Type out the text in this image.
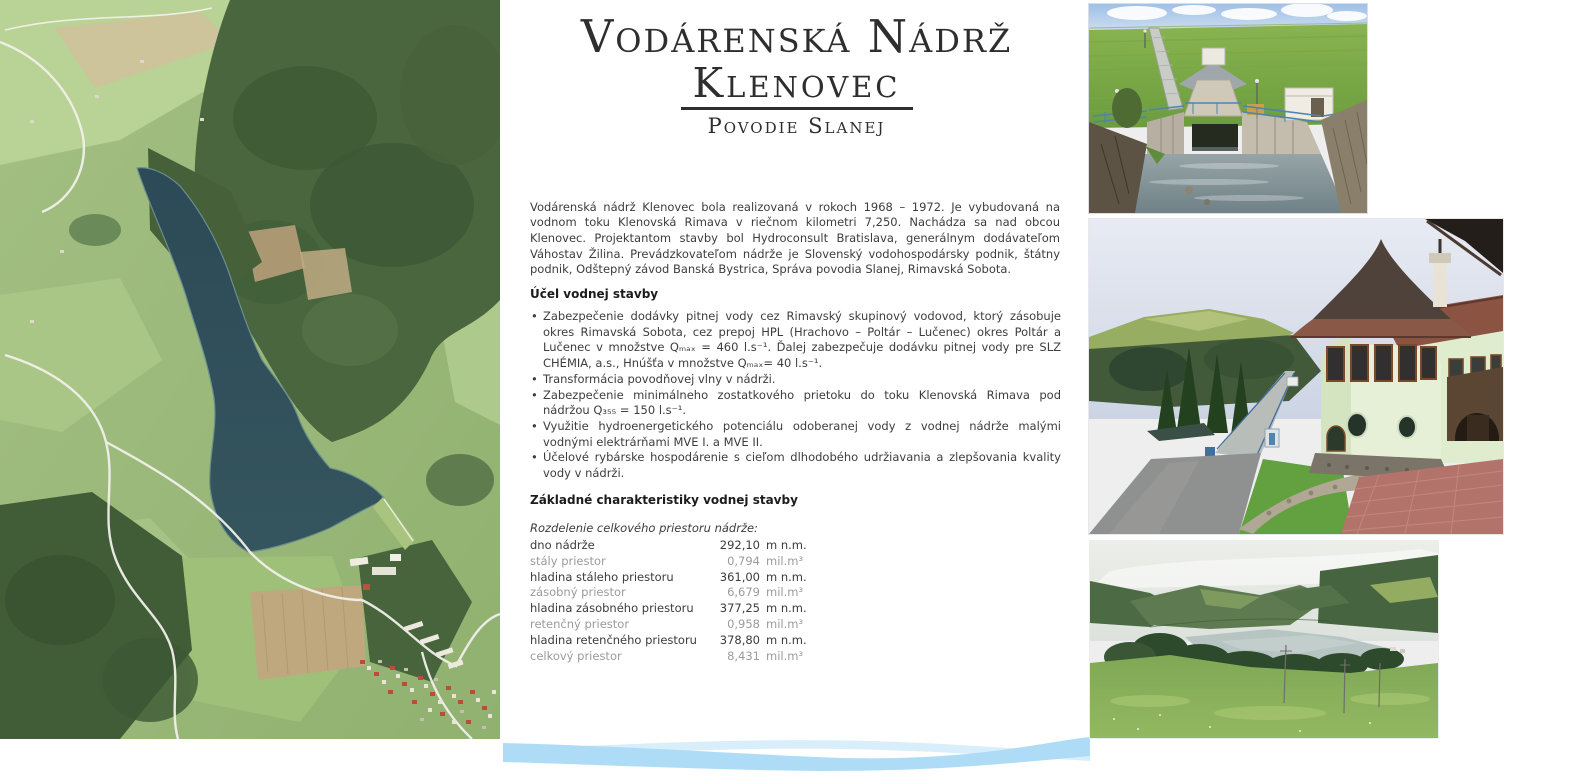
Vodárenská Nádrž
Klenovec
Povodie Slanej

Vodárenská nádrž Klenovec bola realizovaná v rokoch 1968 – 1972. Je vybudovaná na vodnom toku Klenovská Rimava v riečnom kilometri 7,250. Nachádza sa nad obcou Klenovec. Projektantom stavby bol Hydroconsult Bratislava, generálnym dodávateľom Váhostav Žilina. Prevádzkovateľom nádrže je Slovenský vodohospodársky podnik, štátny podnik, Odštepný závod Banská Bystrica, Správa povodia Slanej, Rimavská Sobota.

Účel vodnej stavby
• Zabezpečenie dodávky pitnej vody cez Rimavský skupinový vodovod, ktorý zásobuje okres Rimavská Sobota, cez prepoj HPL (Hrachovo – Poltár – Lučenec) okres Poltár a Lučenec v množstve Qₘₐₓ = 460 l.s⁻¹. Ďalej zabezpečuje dodávku pitnej vody pre SLZ CHÉMIA, a.s., Hnúšťa v množstve Qₘₐₓ= 40 l.s⁻¹.
• Transformácia povodňovej vlny v nádrži.
• Zabezpečenie minimálneho zostatkového prietoku do toku Klenovská Rimava pod nádržou Q₃₅₅ = 150 l.s⁻¹.
• Využitie hydroenergetického potenciálu odoberanej vody z vodnej nádrže malými vodnými elektrárňami MVE I. a MVE II.
• Účelové rybárske hospodárenie s cieľom dlhodobého udržiavania a zlepšovania kvality vody v nádrži.
Základné charakteristiky vodnej stavby
Rozdelenie celkového priestoru nádrže:
dno nádrže	292,10 m n.m.
stály priestor	0,794 mil.m³
hladina stáleho priestoru	361,00 m n.m.
zásobný priestor	6,679 mil.m³
hladina zásobného priestoru	377,25 m n.m.
retenčný priestor	0,958 mil.m³
hladina retenčného priestoru	378,80 m n.m.
celkový priestor	8,431 mil.m³
